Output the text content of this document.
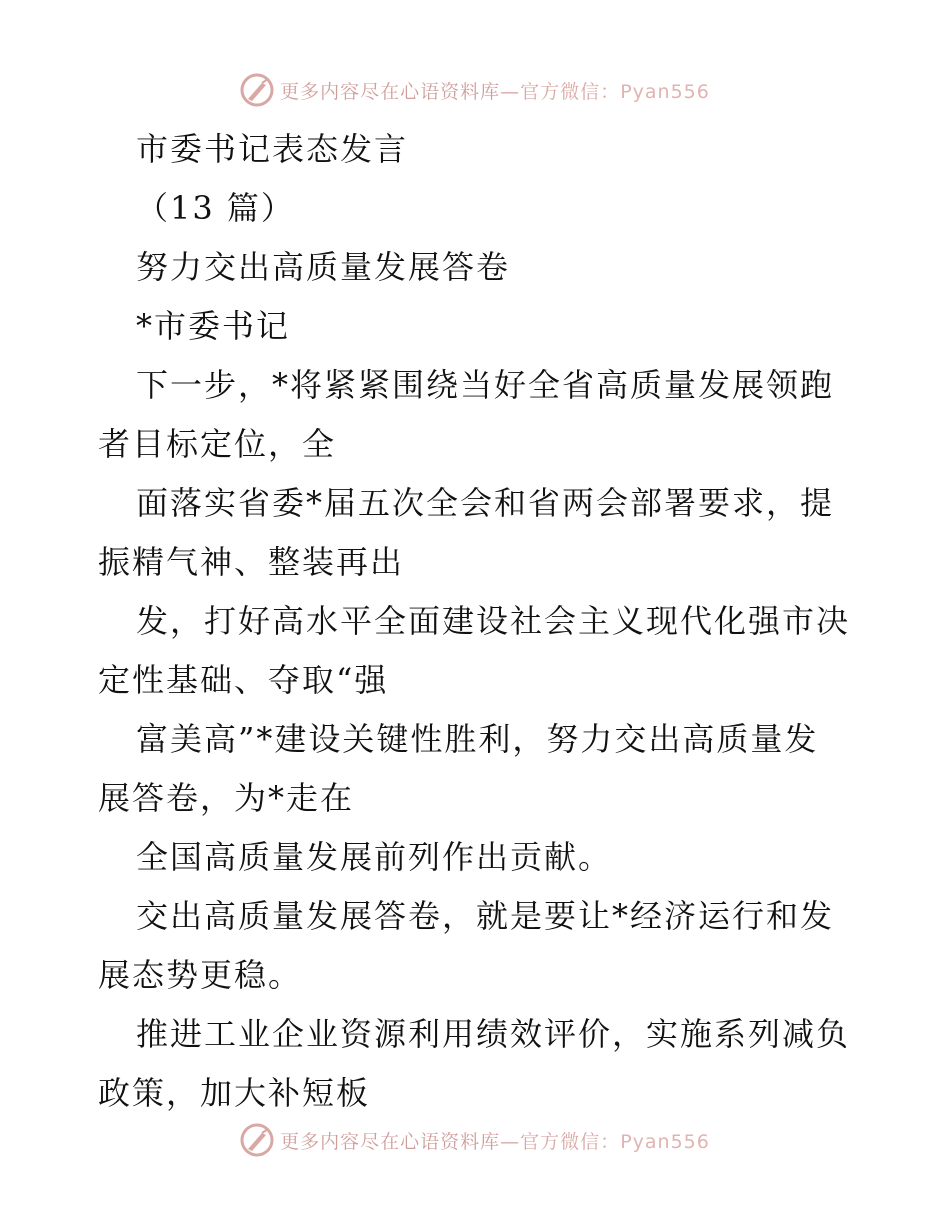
更多内容尽在心语资料库—官方微信：Pyan556
市委书记表态发言
（13 篇）
努力交出高质量发展答卷
*市委书记
下一步，*将紧紧围绕当好全省高质量发展领跑
者目标定位，全
面落实省委*届五次全会和省两会部署要求，提
振精气神、整装再出
发，打好高水平全面建设社会主义现代化强市决
定性基础、夺取“强
富美高”*建设关键性胜利，努力交出高质量发
展答卷，为*走在
全国高质量发展前列作出贡献。
交出高质量发展答卷，就是要让*经济运行和发
展态势更稳。
推进工业企业资源利用绩效评价，实施系列减负
政策，加大补短板
更多内容尽在心语资料库—官方微信：Pyan556
